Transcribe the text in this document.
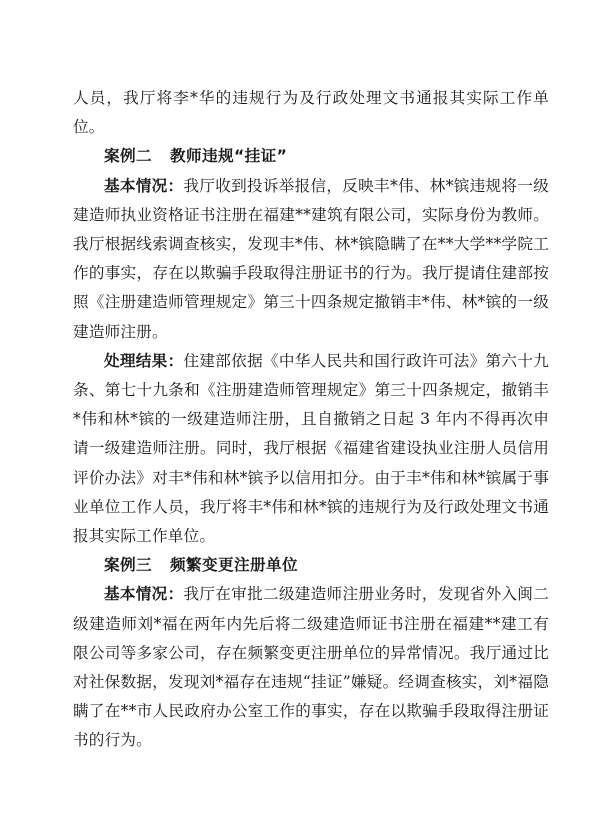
人员，我厅将李*华的违规行为及行政处理文书通报其实际工作单位。

案例二 教师违规“挂证”

基本情况：我厅收到投诉举报信，反映丰*伟、林*镔违规将一级建造师执业资格证书注册在福建**建筑有限公司，实际身份为教师。我厅根据线索调查核实，发现丰*伟、林*镔隐瞒了在**大学**学院工作的事实，存在以欺骗手段取得注册证书的行为。我厅提请住建部按照《注册建造师管理规定》第三十四条规定撤销丰*伟、林*镔的一级建造师注册。

处理结果：住建部依据《中华人民共和国行政许可法》第六十九条、第七十九条和《注册建造师管理规定》第三十四条规定，撤销丰*伟和林*镔的一级建造师注册，且自撤销之日起 3 年内不得再次申请一级建造师注册。同时，我厅根据《福建省建设执业注册人员信用评价办法》对丰*伟和林*镔予以信用扣分。由于丰*伟和林*镔属于事业单位工作人员，我厅将丰*伟和林*镔的违规行为及行政处理文书通报其实际工作单位。

案例三 频繁变更注册单位

基本情况：我厅在审批二级建造师注册业务时，发现省外入闽二级建造师刘*福在两年内先后将二级建造师证书注册在福建**建工有限公司等多家公司，存在频繁变更注册单位的异常情况。我厅通过比对社保数据，发现刘*福存在违规“挂证”嫌疑。经调查核实，刘*福隐瞒了在**市人民政府办公室工作的事实，存在以欺骗手段取得注册证书的行为。
